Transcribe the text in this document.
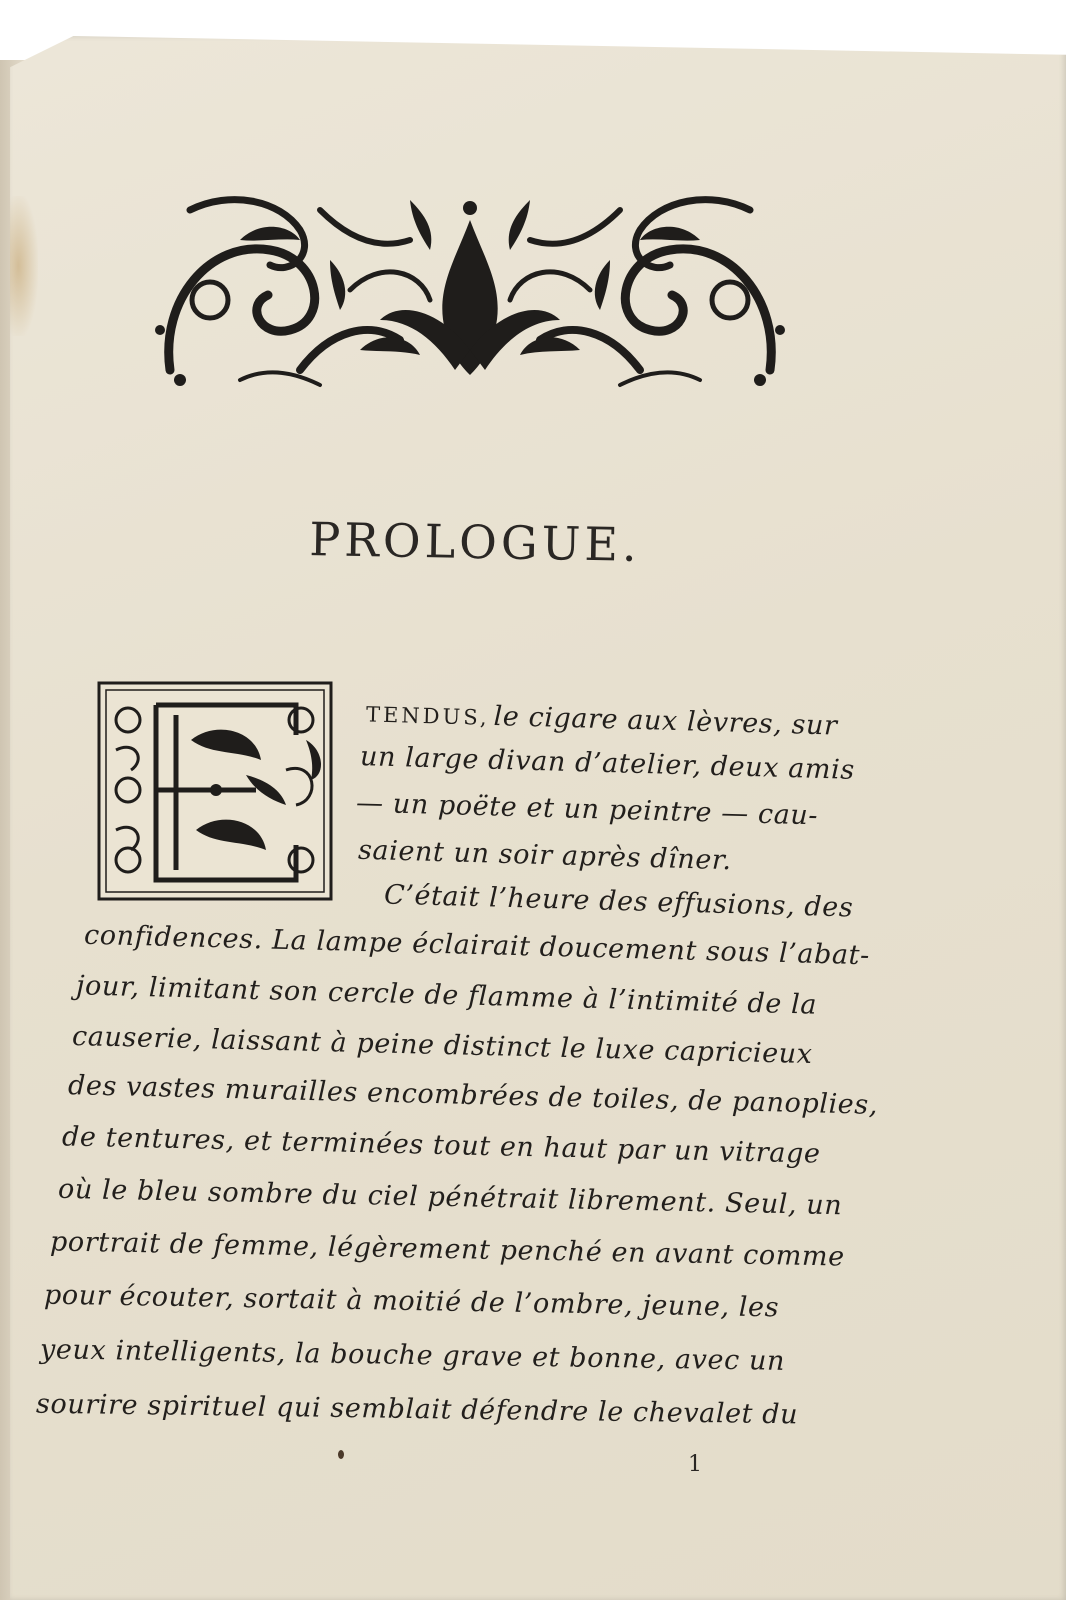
PROLOGUE.
TENDUS, le cigare aux lèvres, sur
un large divan d’atelier, deux amis
— un poëte et un peintre — cau-
saient un soir après dîner.
C’était l’heure des effusions, des
confidences. La lampe éclairait doucement sous l’abat-
jour, limitant son cercle de flamme à l’intimité de la
causerie, laissant à peine distinct le luxe capricieux
des vastes murailles encombrées de toiles, de panoplies,
de tentures, et terminées tout en haut par un vitrage
où le bleu sombre du ciel pénétrait librement. Seul, un
portrait de femme, légèrement penché en avant comme
pour écouter, sortait à moitié de l’ombre, jeune, les
yeux intelligents, la bouche grave et bonne, avec un
sourire spirituel qui semblait défendre le chevalet du
1
